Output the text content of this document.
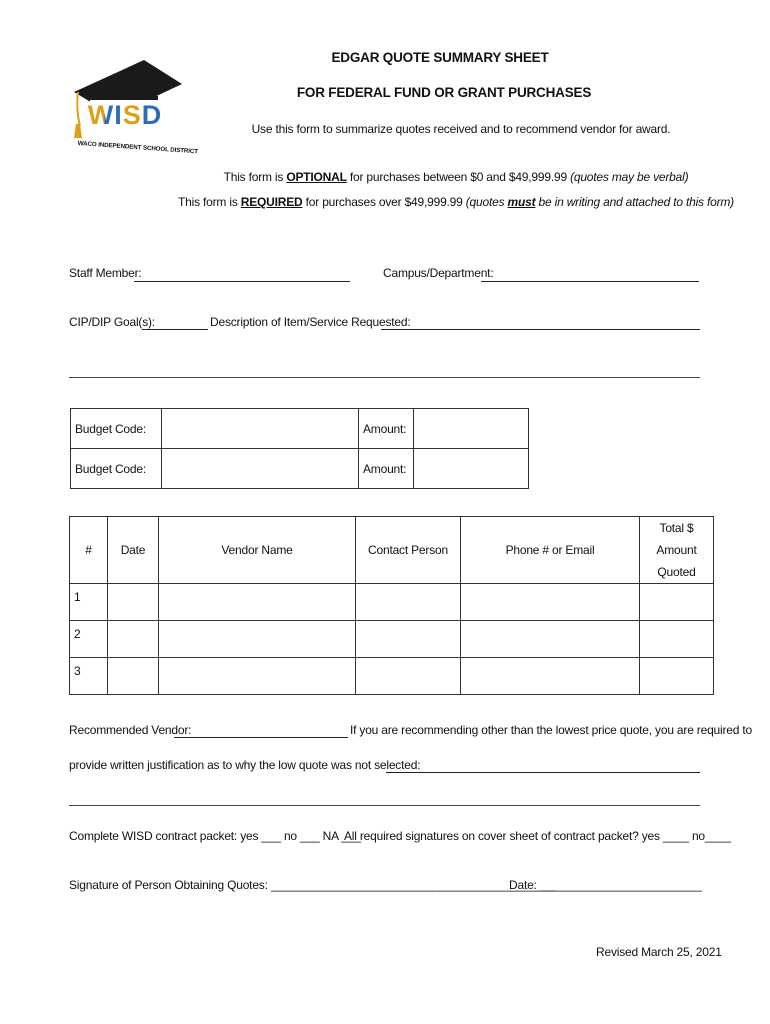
WISD
WACO INDEPENDENT SCHOOL DISTRICT
EDGAR QUOTE SUMMARY SHEET
FOR FEDERAL FUND OR GRANT PURCHASES
Use this form to summarize quotes received and to recommend vendor for award.
This form is OPTIONAL for purchases between $0 and $49,999.99 (quotes may be verbal)
This form is REQUIRED for purchases over $49,999.99 (quotes must be in writing and attached to this form)
Staff Member:	Campus/Department:
CIP/DIP Goal(s):	Description of Item/Service Requested:
Budget Code:		Amount:	
Budget Code:		Amount:	
#	Date	Vendor Name	Contact Person	Phone # or Email	Total $
Amount
Quoted

1					
2					
3					
Recommended Vendor:	If you are recommending other than the lowest price quote, you are required to
provide written justification as to why the low quote was not selected:
Complete WISD contract packet: yes ___ no ___ NA ___
All required signatures on cover sheet of contract packet? yes ____ no____
Signature of Person Obtaining Quotes: ____________________________________________
Date: _________________________
Revised March 25, 2021
